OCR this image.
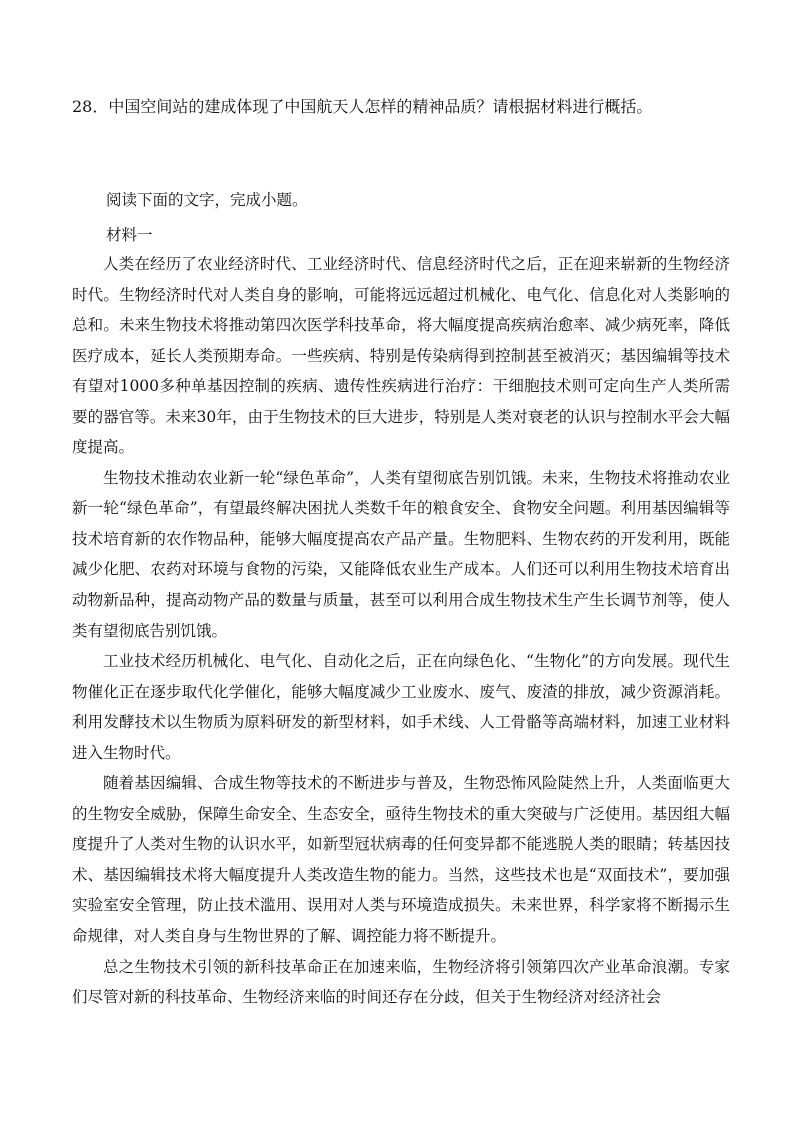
28．中国空间站的建成体现了中国航天人怎样的精神品质？请根据材料进行概括。
阅读下面的文字，完成小题。
材料一

人类在经历了农业经济时代、工业经济时代、信息经济时代之后，正在迎来崭新的生物经济时代。生物经济时代对人类自身的影响，可能将远远超过机械化、电气化、信息化对人类影响的总和。未来生物技术将推动第四次医学科技革命，将大幅度提高疾病治愈率、减少病死率，降低医疗成本，延长人类预期寿命。一些疾病、特别是传染病得到控制甚至被消灭；基因编辑等技术有望对1000多种单基因控制的疾病、遗传性疾病进行治疗：干细胞技术则可定向生产人类所需要的器官等。未来30年，由于生物技术的巨大进步，特别是人类对衰老的认识与控制水平会大幅度提高。

生物技术推动农业新一轮“绿色革命”，人类有望彻底告别饥饿。未来，生物技术将推动农业新一轮“绿色革命”，有望最终解决困扰人类数千年的粮食安全、食物安全问题。利用基因编辑等技术培育新的农作物品种，能够大幅度提高农产品产量。生物肥料、生物农药的开发利用，既能减少化肥、农药对环境与食物的污染，又能降低农业生产成本。人们还可以利用生物技术培育出动物新品种，提高动物产品的数量与质量，甚至可以利用合成生物技术生产生长调节剂等，使人类有望彻底告别饥饿。

工业技术经历机械化、电气化、自动化之后，正在向绿色化、“生物化”的方向发展。现代生物催化正在逐步取代化学催化，能够大幅度减少工业废水、废气、废渣的排放，减少资源消耗。利用发酵技术以生物质为原料研发的新型材料，如手术线、人工骨骼等高端材料，加速工业材料进入生物时代。

随着基因编辑、合成生物等技术的不断进步与普及，生物恐怖风险陡然上升，人类面临更大的生物安全威胁，保障生命安全、生态安全，亟待生物技术的重大突破与广泛使用。基因组大幅度提升了人类对生物的认识水平，如新型冠状病毒的任何变异都不能逃脱人类的眼睛；转基因技术、基因编辑技术将大幅度提升人类改造生物的能力。当然，这些技术也是“双面技术”，要加强实验室安全管理，防止技术滥用、误用对人类与环境造成损失。未来世界，科学家将不断揭示生命规律，对人类自身与生物世界的了解、调控能力将不断提升。

总之生物技术引领的新科技革命正在加速来临，生物经济将引领第四次产业革命浪潮。专家们尽管对新的科技革命、生物经济来临的时间还存在分歧，但关于生物经济对经济社会
